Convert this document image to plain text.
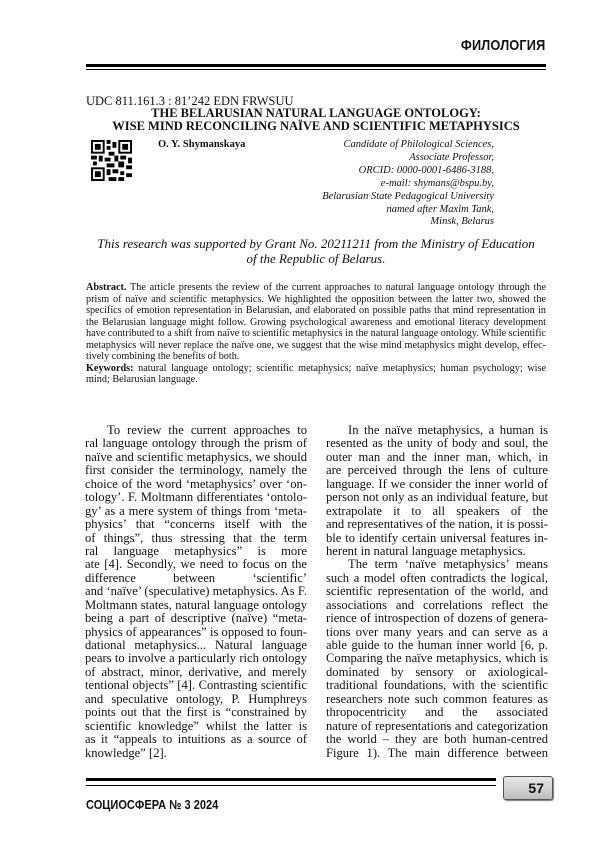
ФИЛОЛОГИЯ
UDC 811.161.3 : 81’242 EDN FRWSUU
THE BELARUSIAN NATURAL LANGUAGE ONTOLOGY:
WISE MIND RECONCILING NAÏVE AND SCIENTIFIC METAPHYSICS
O. Y. Shymanskaya	Candidate of Philological Sciences,
Associate Professor,
ORCID: 0000-0001-6486-3188,
e-mail: shymans@bspu.by,
Belarusian State Pedagogical University
named after Maxim Tank,
Minsk, Belarus
This research was supported by Grant No. 20211211 from the Ministry of Education
of the Republic of Belarus.
Abstract. The article presents the review of the current approaches to natural language ontology through the
prism of naïve and scientific metaphysics. We highlighted the opposition between the latter two, showed the
specifics of emotion representation in Belarusian, and elaborated on possible paths that mind representation in
the Belarusian language might follow. Growing psychological awareness and emotional literacy development
have contributed to a shift from naïve to scientific metaphysics in the natural language ontology. While scientific
metaphysics will never replace the naïve one, we suggest that the wise mind metaphysics might develop, effec-
tively combining the benefits of both.
Keywords: natural language ontology; scientific metaphysics; naïve metaphysics; human psychology; wise
mind; Belarusian language.
To review the current approaches to
ral language ontology through the prism of
naïve and scientific metaphysics, we should
first consider the terminology, namely the
choice of the word ‘metaphysics’ over ‘on-
tology’. F. Moltmann differentiates ‘ontolo-
gy’ as a mere system of things from ‘meta-
physics’ that “concerns itself with the
of things”, thus stressing that the term
ral language metaphysics” is more
ate [4]. Secondly, we need to focus on the
difference between ‘scientific’
and ‘naïve’ (speculative) metaphysics. As F.
Moltmann states, natural language ontology
being a part of descriptive (naïve) “meta-
physics of appearances” is opposed to foun-
dational metaphysics... Natural language
pears to involve a particularly rich ontology
of abstract, minor, derivative, and merely
tentional objects” [4]. Contrasting scientific
and speculative ontology, P. Humphreys
points out that the first is “constrained by
scientific knowledge” whilst the latter is
as it “appeals to intuitions as a source of
knowledge” [2].
In the naïve metaphysics, a human is
resented as the unity of body and soul, the
outer man and the inner man, which, in
are perceived through the lens of culture
language. If we consider the inner world of
person not only as an individual feature, but
extrapolate it to all speakers of the
and representatives of the nation, it is possi-
ble to identify certain universal features in-
herent in natural language metaphysics.
The term ‘naïve metaphysics’ means
such a model often contradicts the logical,
scientific representation of the world, and
associations and correlations reflect the
rience of introspection of dozens of genera-
tions over many years and can serve as a
able guide to the human inner world [6, p.
Comparing the naïve metaphysics, which is
dominated by sensory or axiological-
traditional foundations, with the scientific
researchers note such common features as
thropocentricity and the associated
nature of representations and categorization
the world – they are both human-centred
Figure 1). The main difference between
СОЦИОСФЕРА № 3 2024
57
